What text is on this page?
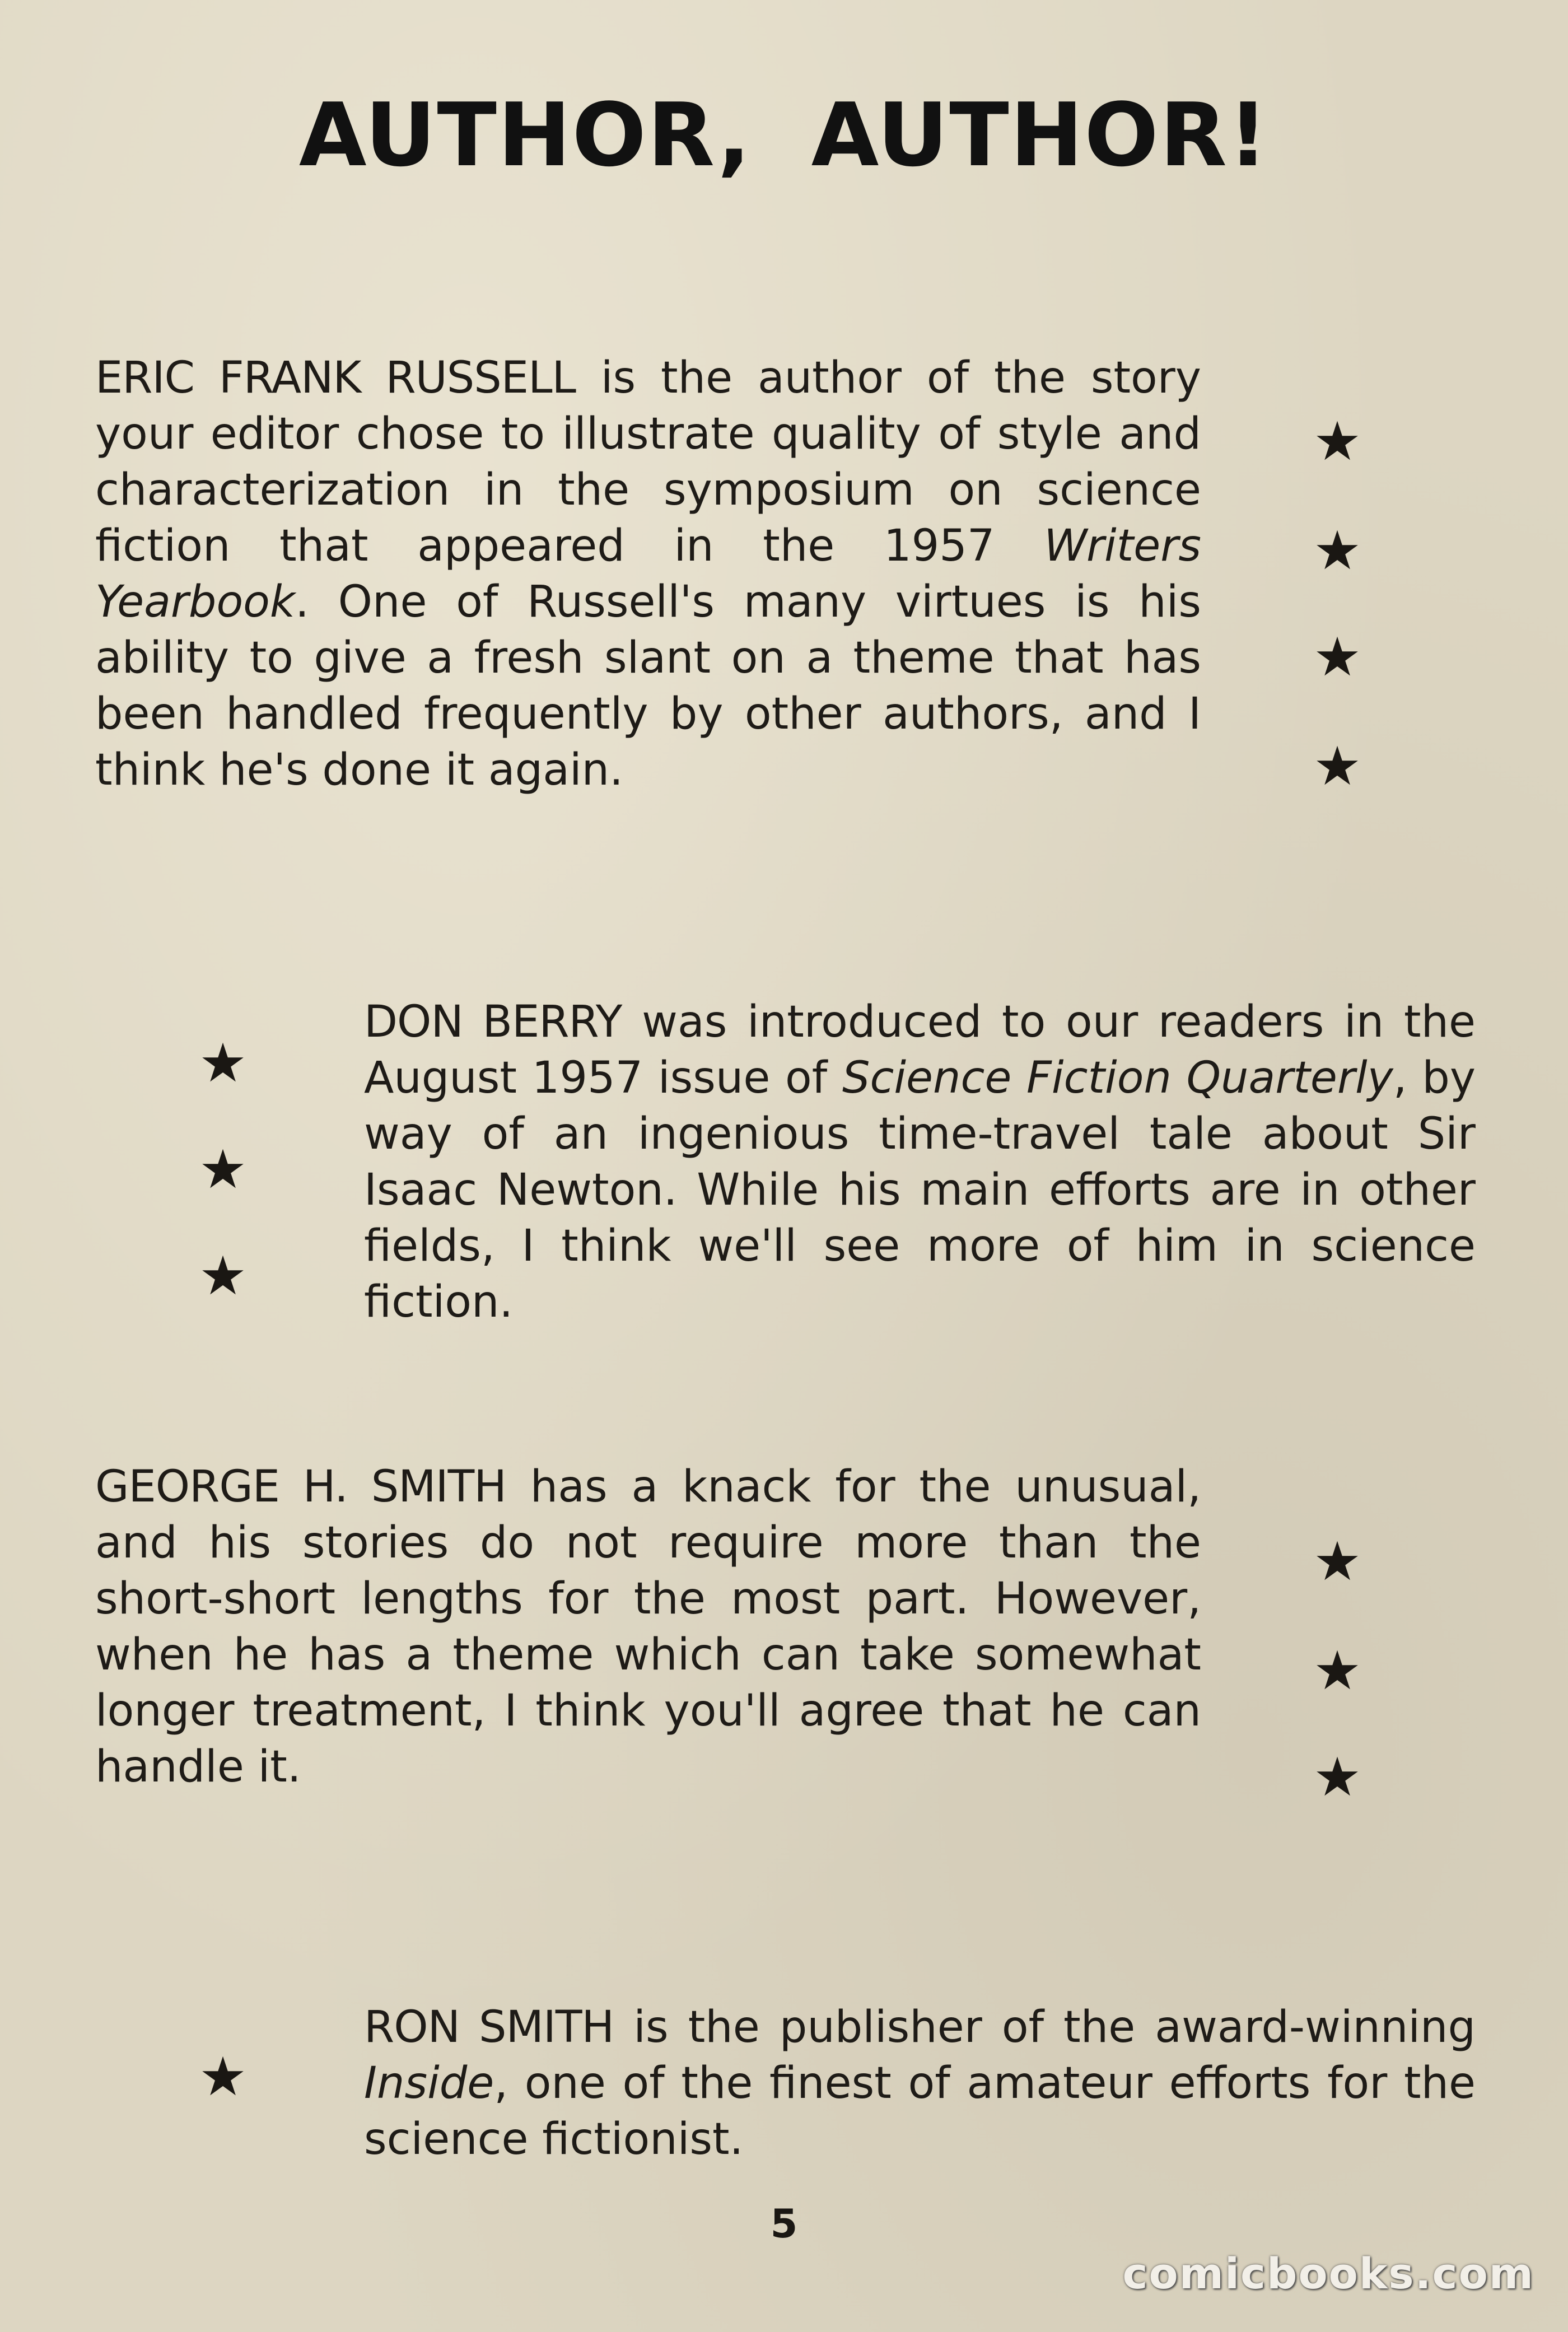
AUTHOR, AUTHOR!

ERIC FRANK RUSSELL is the author of the story your editor chose to illustrate quality of style and characterization in the symposium on science fiction that appeared in the 1957 Writers Yearbook. One of Russell's many virtues is his ability to give a fresh slant on a theme that has been handled frequently by other authors, and I think he's done it again.

★
★
★
★

DON BERRY was introduced to our readers in the August 1957 issue of Science Fiction Quarterly, by way of an ingenious time-travel tale about Sir Isaac Newton. While his main efforts are in other fields, I think we'll see more of him in science fiction.

★
★
★

GEORGE H. SMITH has a knack for the unusual, and his stories do not require more than the short-short lengths for the most part. However, when he has a theme which can take somewhat longer treatment, I think you'll agree that he can handle it.

★
★
★

RON SMITH is the publisher of the award-winning Inside, one of the finest of amateur efforts for the science fictionist.

★

5

comicbooks.com
